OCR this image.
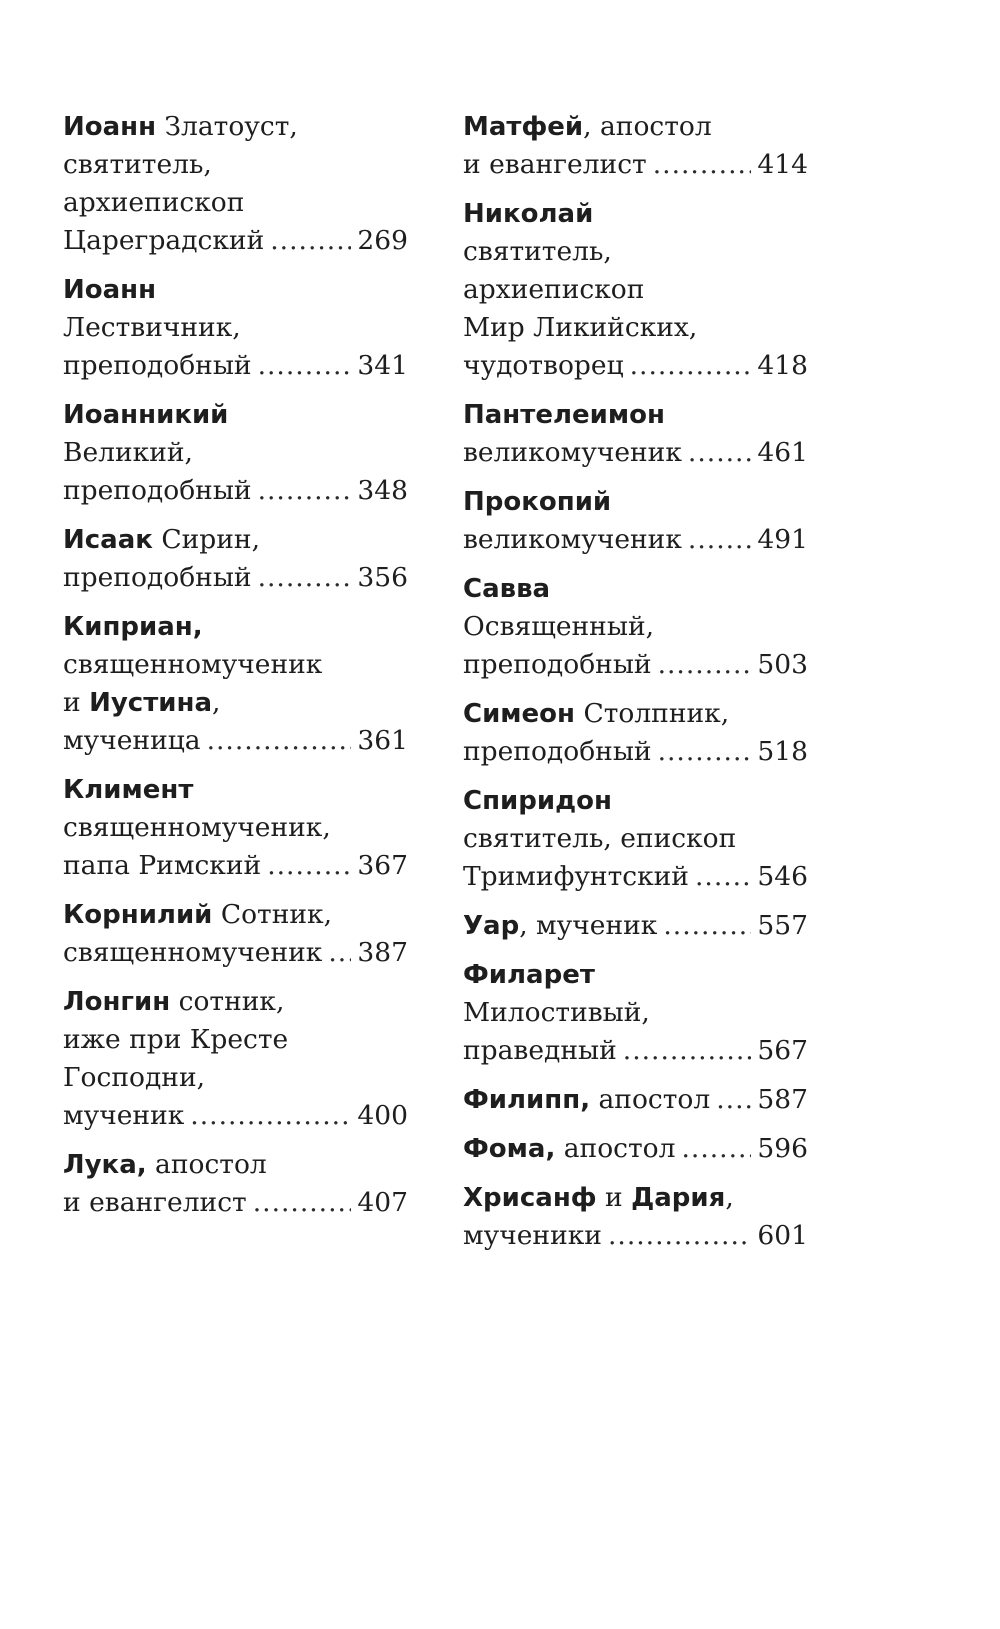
Иоанн Златоуст,
святитель,
архиепископ
Цареградский .....	269
Иоанн
Лествичник,
преподобный .....	341
Иоанникий
Великий,
преподобный .....	348
Исаак Сирин,
преподобный .....	356
Киприан,
священномученик
и Иустина ,
мученица .....	361
Климент
священномученик,
папа Римский .....	367
Корнилий Сотник,
священномученик ..... 387
Лонгин сотник,
иже при Кресте
Господни,
мученик .....	400
Лука, апостол
и евангелист .....	407
Матфей , апостол
и евангелист .....	414
Николай
святитель,
архиепископ
Мир Ликийских,
чудотворец .....	418
Пантелеимон
великомученик .....	461
Прокопий
великомученик .....	491
Савва
Освященный,
преподобный .....	503
Симеон Столпник,
преподобный .....	518
Спиридон
святитель, епископ
Тримифунтский .....	546
Уар , мученик .....	557
Филарет
Милостивый,
праведный .....	567
Филипп, апостол ..... 587
Фома, апостол .....	596
Хрисанф и Дария ,
мученики .....	601
